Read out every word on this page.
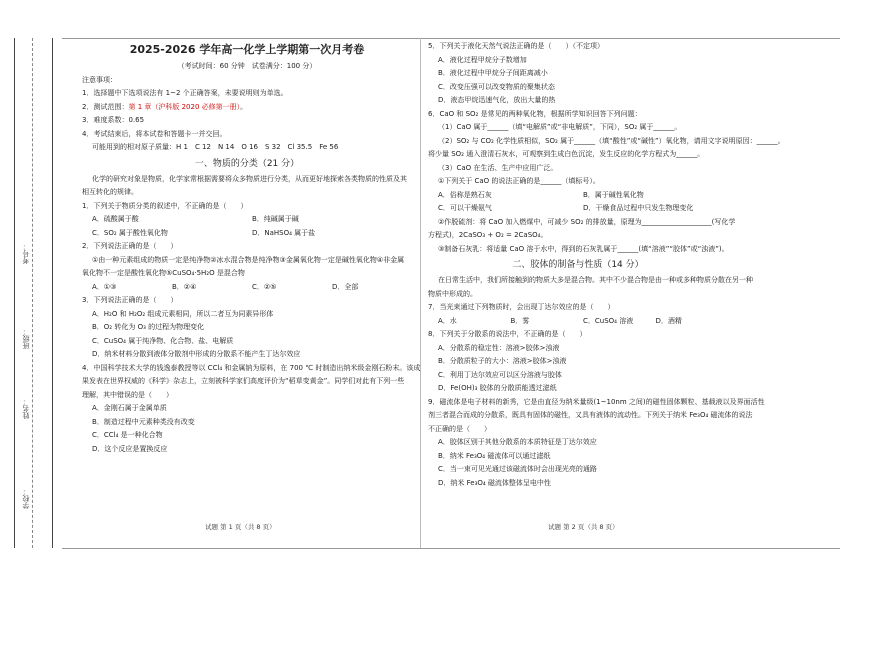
学校：
姓名：
班级：
考号：
2025-2026 学年高一化学上学期第一次月考卷
（考试时间：60 分钟　试卷满分：100 分）
注意事项：
1．选择题中下选项说法有 1~2 个正确答案，未要说明则为单选。
2．测试范围：第 1 章（沪科版 2020 必修第一册）。
3．难度系数：0.65
4．考试结束后，将本试卷和答题卡一并交回。
可能用到的相对原子质量：H 1　C 12　N 14　O 16　S 32　Cl 35.5　Fe 56
一、物质的分类（21 分）
化学的研究对象是物质，化学家常根据需要将众多物质进行分类，从而更好地探索各类物质的性质及其
相互转化的规律。
1．下列关于物质分类的叙述中，不正确的是（　　）
A．硫酸属于酸	B．纯碱属于碱
C．SO₂ 属于酸性氧化物	D．NaHSO₄ 属于盐
2．下列说法正确的是（　　）
①由一种元素组成的物质一定是纯净物②冰水混合物是纯净物③金属氧化物一定是碱性氧化物④非金属
氧化物不一定是酸性氧化物⑤CuSO₄·5H₂O 是混合物
A．①③	B．②④	C．②⑤	D．全部
3．下列说法正确的是（　　）
A．H₂O 和 H₂O₂ 组成元素相同，所以二者互为同素异形体
B．O₂ 转化为 O₃ 的过程为物理变化
C．CuSO₄ 属于纯净物、化合物、盐、电解质
D．纳米材料分散到液体分散剂中形成的分散系不能产生丁达尔效应
4．中国科学技术大学的钱逸泰教授等以 CCl₄ 和金属钠为原料，在 700 ℃ 时制造出纳米级金刚石粉末。该成
果发表在世界权威的《科学》杂志上，立刻被科学家们高度评价为“稻草变黄金”。同学们对此有下列一些
理解，其中错误的是（　　）
A．金刚石属于金属单质
B．制造过程中元素种类没有改变
C．CCl₄ 是一种化合物
D．这个反应是置换反应
试题 第 1 页（共 8 页）
5．下列关于液化天然气说法正确的是（　　）（不定项）
A．液化过程甲烷分子数增加
B．液化过程中甲烷分子间距离减小
C．改变压强可以改变物质的聚集状态
D．液态甲烷迅速气化，放出大量的热
6．CaO 和 SO₂ 是常见的两种氧化物，根据所学知识回答下列问题：
（1）CaO 属于______（填“电解质”或“非电解质”，下同），SO₂ 属于______。
（2）SO₂ 与 CO₂ 化学性质相似，SO₂ 属于______（填“酸性”或“碱性”）氧化物，请用文字说明原因：______。
将少量 SO₂ 通入澄清石灰水，可观察到生成白色沉淀，发生反应的化学方程式为______。
（3）CaO 在生活、生产中应用广泛。
①下列关于 CaO 的说法正确的是______（填标号）。
A．俗称是熟石灰	B．属于碱性氧化物
C．可以干燥氨气	D．干燥食品过程中只发生物理变化
②作脱硫剂：将 CaO 加入燃煤中，可减少 SO₂ 的排放量，原理为____________________(写化学
方程式)，2CaSO₃ + O₂ = 2CaSO₄。
③制备石灰乳：将适量 CaO 溶于水中，得到的石灰乳属于______(填“溶液”“胶体”或“浊液”)。
二、胶体的制备与性质（14 分）
在日常生活中，我们所接触到的物质大多是混合物。其中不少混合物是由一种或多种物质分散在另一种
物质中形成的。
7．当光束通过下列物质时，会出现丁达尔效应的是（　　）
A．水	B．雾	C．CuSO₄ 溶液	D．酒精
8．下列关于分散系的说法中，不正确的是（　　）
A．分散系的稳定性：溶液>胶体>浊液
B．分散质粒子的大小：溶液>胶体>浊液
C．利用丁达尔效应可以区分溶液与胶体
D．Fe(OH)₃ 胶体的分散质能透过滤纸
9．磁流体是电子材料的新秀，它是由直径为纳米量级(1~10nm 之间)的磁性固体颗粒、基载液以及界面活性
剂三者混合而成的分散系，既具有固体的磁性，又具有液体的流动性。下列关于纳米 Fe₃O₄ 磁流体的说法
不正确的是（　　）
A．胶体区别于其他分散系的本质特征是丁达尔效应
B．纳米 Fe₃O₄ 磁流体可以通过滤纸
C．当一束可见光通过该磁流体时会出现光亮的通路
D．纳米 Fe₃O₄ 磁流体整体呈电中性
试题 第 2 页（共 8 页）
